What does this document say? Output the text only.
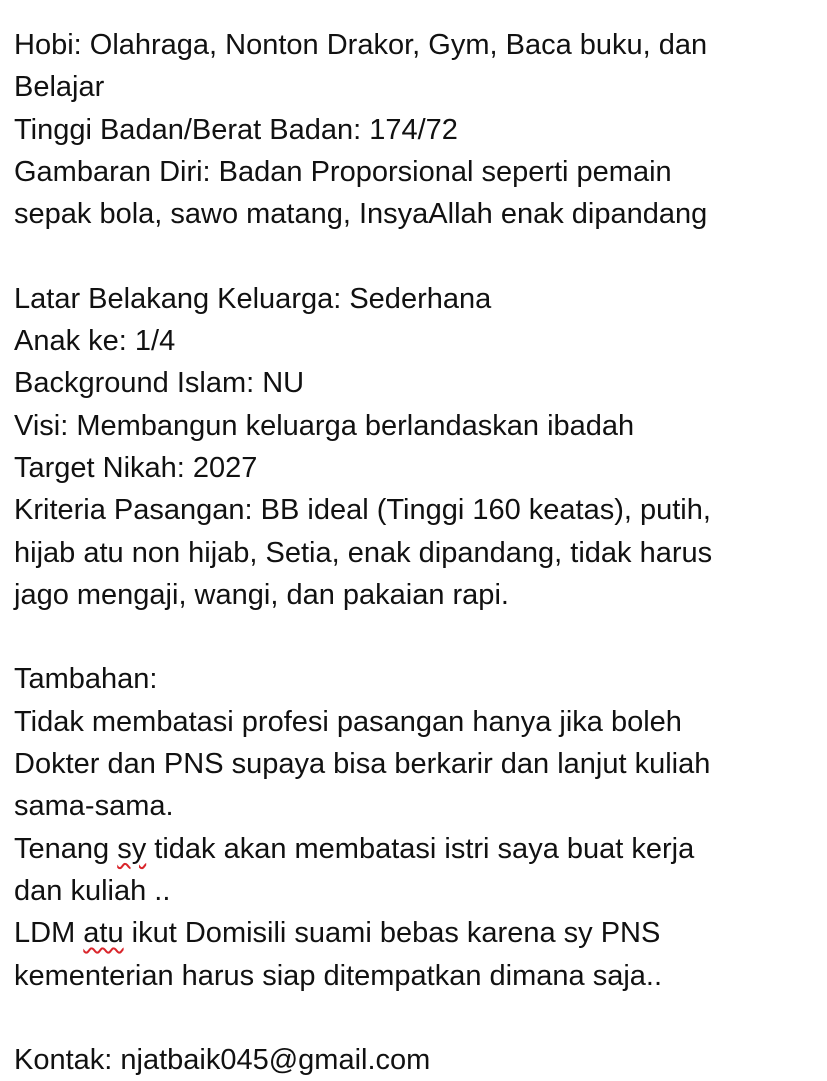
Hobi: Olahraga, Nonton Drakor, Gym, Baca buku, dan
Belajar
Tinggi Badan/Berat Badan: 174/72
Gambaran Diri: Badan Proporsional seperti pemain
sepak bola, sawo matang, InsyaAllah enak dipandang
Latar Belakang Keluarga: Sederhana
Anak ke: 1/4
Background Islam: NU
Visi: Membangun keluarga berlandaskan ibadah
Target Nikah: 2027
Kriteria Pasangan: BB ideal (Tinggi 160 keatas), putih,
hijab atu non hijab, Setia, enak dipandang, tidak harus
jago mengaji, wangi, dan pakaian rapi.
Tambahan:
Tidak membatasi profesi pasangan hanya jika boleh
Dokter dan PNS supaya bisa berkarir dan lanjut kuliah
sama-sama.
Tenang sy tidak akan membatasi istri saya buat kerja
dan kuliah ..
LDM atu ikut Domisili suami bebas karena sy PNS
kementerian harus siap ditempatkan dimana saja..
Kontak: njatbaik045@gmail.com
